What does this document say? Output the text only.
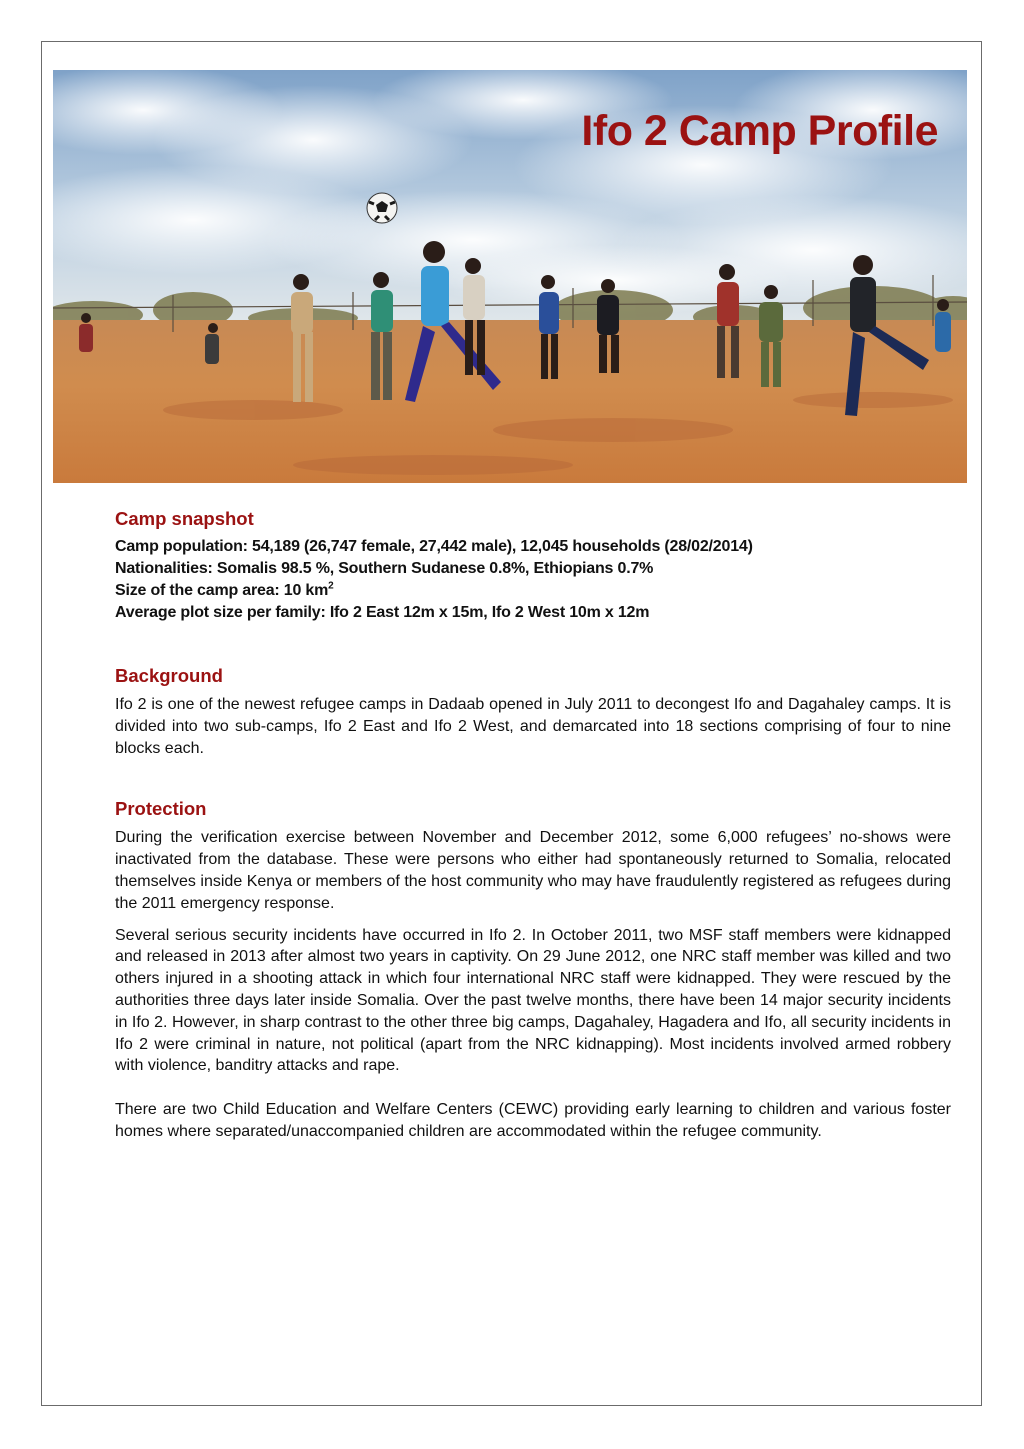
Ifo 2 Camp Profile
Camp snapshot
Camp population: 54,189 (26,747 female, 27,442 male), 12,045 households (28/02/2014)
Nationalities: Somalis 98.5 %, Southern Sudanese 0.8%, Ethiopians 0.7%
Size of the camp area: 10 $km^2$
Average plot size per family: Ifo 2 East 12m x 15m, Ifo 2 West 10m x 12m
Background

Ifo 2 is one of the newest refugee camps in Dadaab opened in July 2011 to decongest Ifo and Dagahaley camps. It is divided into two sub-camps, Ifo 2 East and Ifo 2 West, and demarcated into 18 sections comprising of four to nine blocks each.

Protection

During the verification exercise between November and December 2012, some 6,000 refugees’ no-shows were inactivated from the database. These were persons who either had spontaneously returned to Somalia, relocated themselves inside Kenya or members of the host community who may have fraudulently registered as refugees during the 2011 emergency response.

Several serious security incidents have occurred in Ifo 2. In October 2011, two MSF staff members were kidnapped and released in 2013 after almost two years in captivity. On 29 June 2012, one NRC staff member was killed and two others injured in a shooting attack in which four international NRC staff were kidnapped. They were rescued by the authorities three days later inside Somalia. Over the past twelve months, there have been 14 major security incidents in Ifo 2. However, in sharp contrast to the other three big camps, Dagahaley, Hagadera and Ifo, all security incidents in Ifo 2 were criminal in nature, not political (apart from the NRC kidnapping). Most incidents involved armed robbery with violence, banditry attacks and rape.

There are two Child Education and Welfare Centers (CEWC) providing early learning to children and various foster homes where separated/unaccompanied children are accommodated within the refugee community.
